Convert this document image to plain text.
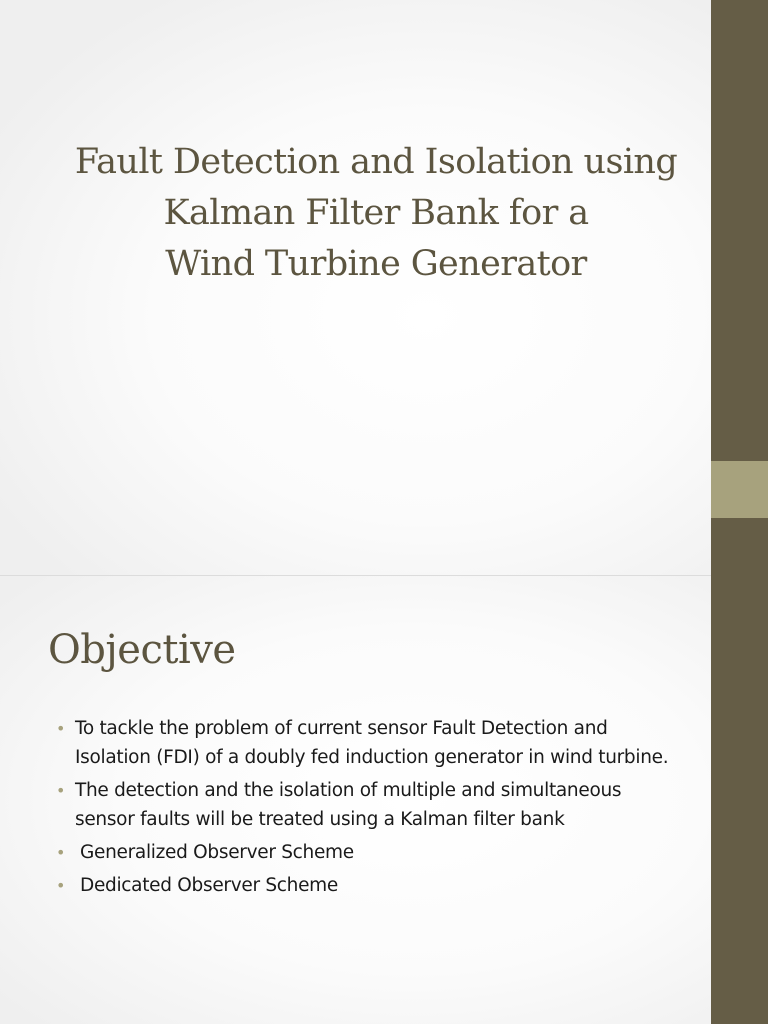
Fault Detection and Isolation using
Kalman Filter Bank for a
Wind Turbine Generator
Objective
• To tackle the problem of current sensor Fault Detection and Isolation (FDI) of a doubly fed induction generator in wind turbine.
• The detection and the isolation of multiple and simultaneous sensor faults will be treated using a Kalman filter bank
• Generalized Observer Scheme
• Dedicated Observer Scheme
